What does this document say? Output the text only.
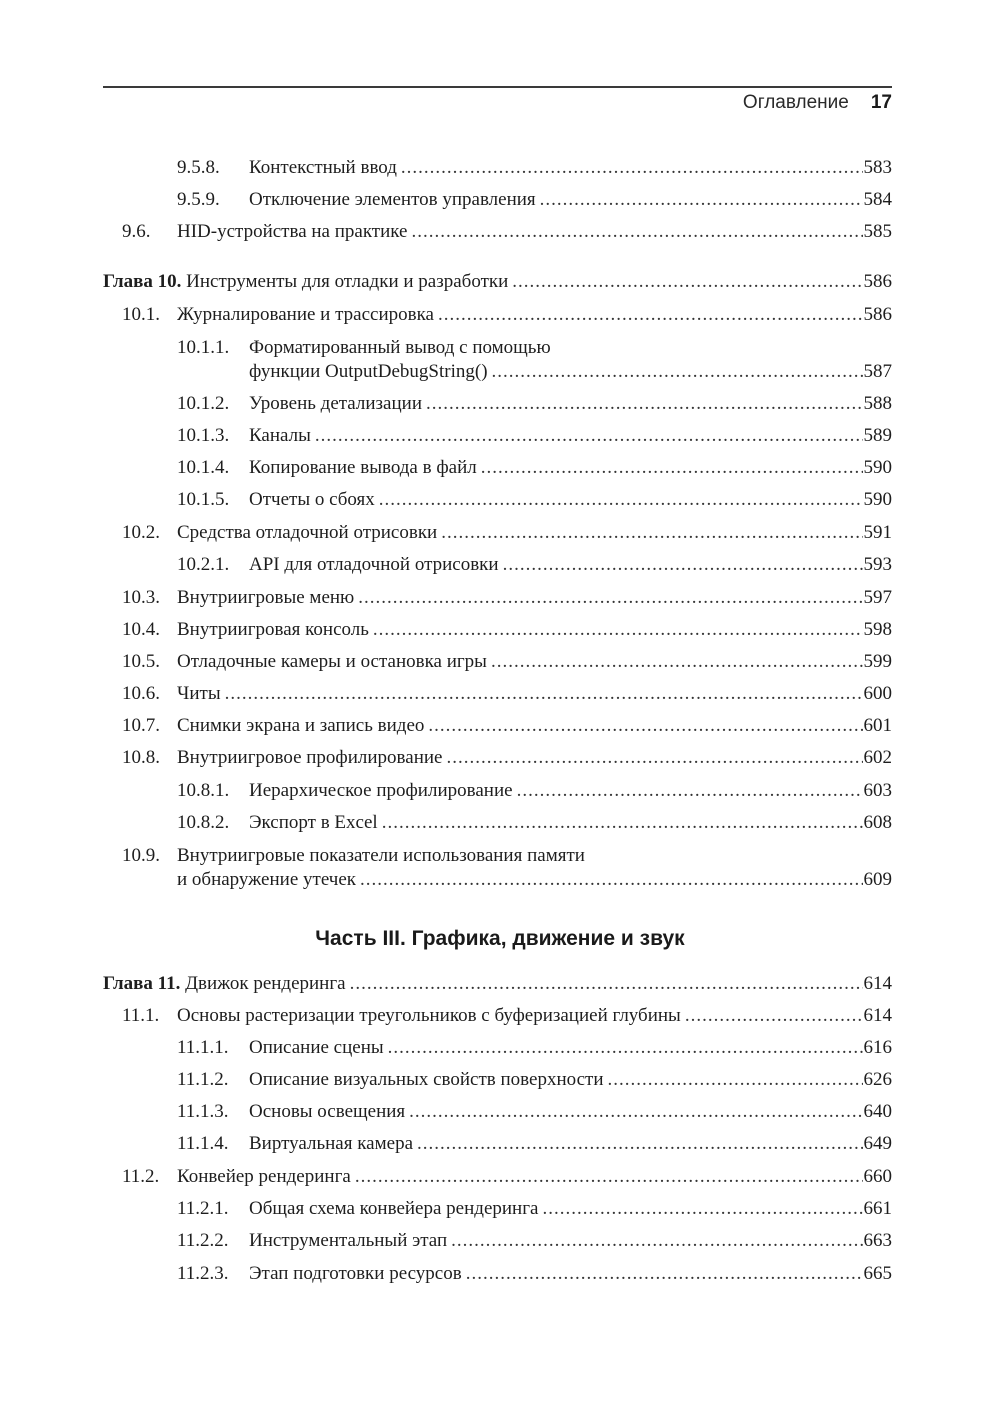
Оглавление 17
9.5.8. Контекстный ввод .....	583
9.5.9. Отключение элементов управления .....	584
9.6. HID-устройства на практике .....	585
Глава 10. Инструменты для отладки и разработки .....	586
10.1. Журналирование и трассировка .....	586
10.1.1. Форматированный вывод с помощью
функции OutputDebugString() .....	587
10.1.2. Уровень детализации .....	588
10.1.3. Каналы .....	589
10.1.4. Копирование вывода в файл .....	590
10.1.5. Отчеты о сбоях .....	590
10.2. Средства отладочной отрисовки .....	591
10.2.1. API для отладочной отрисовки .....	593
10.3. Внутриигровые меню .....	597
10.4. Внутриигровая консоль .....	598
10.5. Отладочные камеры и остановка игры .....	599
10.6. Читы .....	600
10.7. Снимки экрана и запись видео .....	601
10.8. Внутриигровое профилирование .....	602
10.8.1. Иерархическое профилирование .....	603
10.8.2. Экспорт в Excel .....	608
10.9. Внутриигровые показатели использования памяти
и обнаружение утечек .....	609
Часть III. Графика, движение и звук
Глава 11. Движок рендеринга .....	614
11.1. Основы растеризации треугольников с буферизацией глубины .....	614
11.1.1. Описание сцены .....	616
11.1.2. Описание визуальных свойств поверхности .....	626
11.1.3. Основы освещения .....	640
11.1.4. Виртуальная камера .....	649
11.2. Конвейер рендеринга .....	660
11.2.1. Общая схема конвейера рендеринга .....	661
11.2.2. Инструментальный этап .....	663
11.2.3. Этап подготовки ресурсов .....	665
